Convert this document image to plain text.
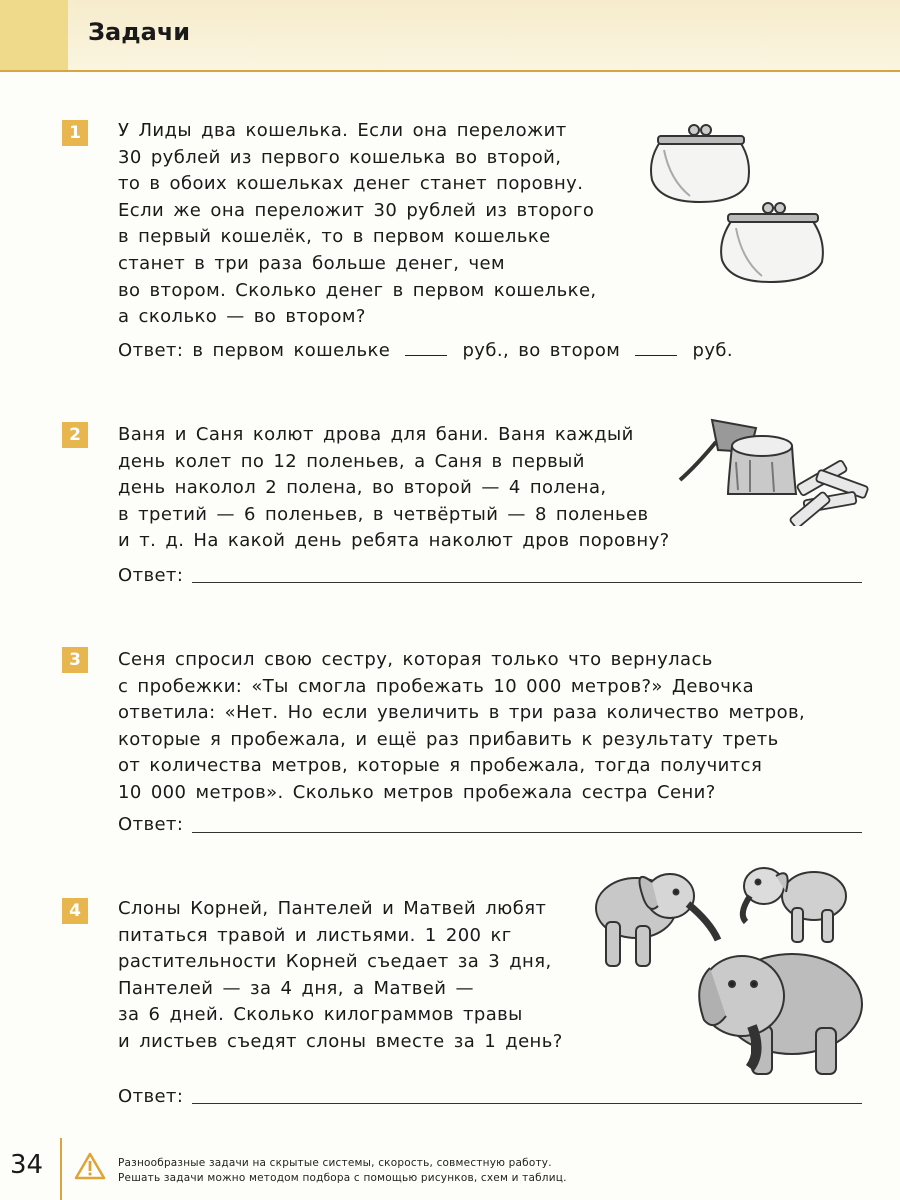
Задачи
1	У Лиды два кошелька. Если она переложит
30 рублей из первого кошелька во второй,
то в обоих кошельках денег станет поровну.
Если же она переложит 30 рублей из второго
в первый кошелёк, то в первом кошельке
станет в три раза больше денег, чем
во втором. Сколько денег в первом кошельке,
а сколько — во втором?
Ответ: в первом кошельке	руб., во втором	руб.
2	Ваня и Саня колют дрова для бани. Ваня каждый
день колет по 12 поленьев, а Саня в первый
день наколол 2 полена, во второй — 4 полена,
в третий — 6 поленьев, в четвёртый — 8 поленьев
и т. д. На какой день ребята наколют дров поровну?
Ответ:
3	Сеня спросил свою сестру, которая только что вернулась
с пробежки: «Ты смогла пробежать 10 000 метров?» Девочка
ответила: «Нет. Но если увеличить в три раза количество метров,
которые я пробежала, и ещё раз прибавить к результату треть
от количества метров, которые я пробежала, тогда получится
10 000 метров». Сколько метров пробежала сестра Сени?
Ответ:
4	Слоны Корней, Пантелей и Матвей любят
питаться травой и листьями. 1 200 кг
растительности Корней съедает за 3 дня,
Пантелей — за 4 дня, а Матвей —
за 6 дней. Сколько килограммов травы
и листьев съедят слоны вместе за 1 день?
Ответ:
34	Разнообразные задачи на скрытые системы, скорость, совместную работу.
Решать задачи можно методом подбора с помощью рисунков, схем и таблиц.
